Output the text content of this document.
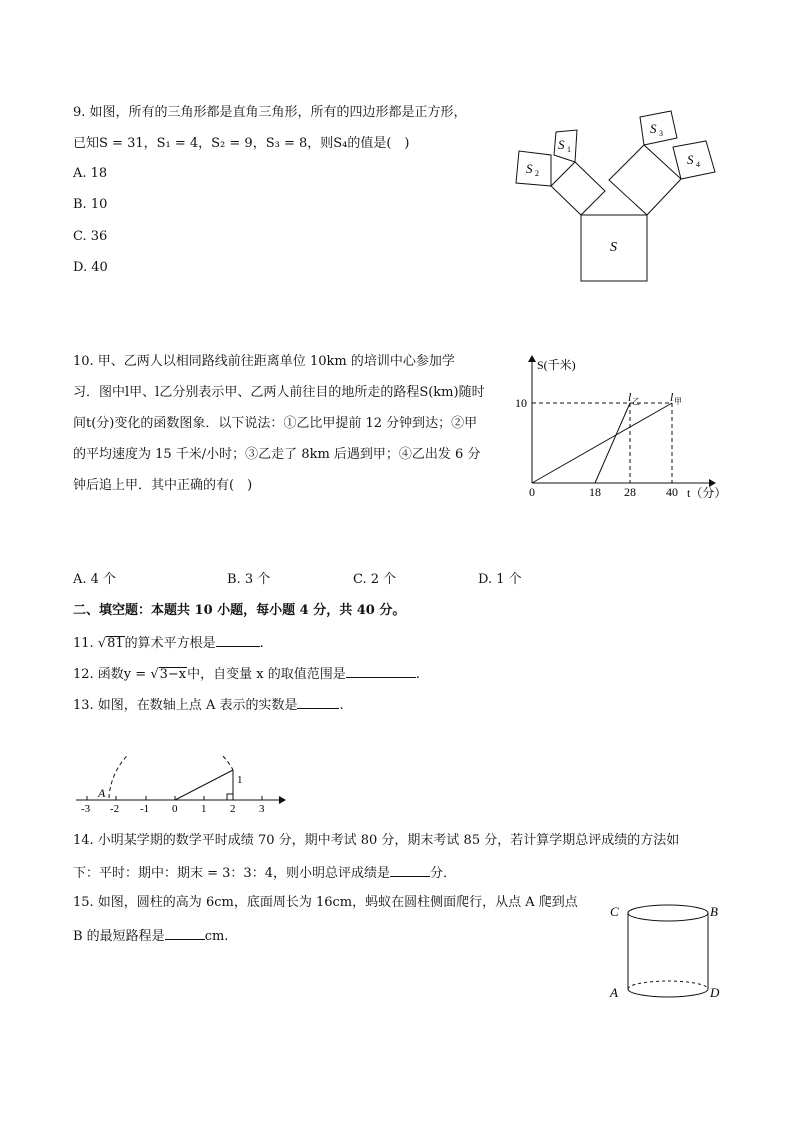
9. 如图，所有的三角形都是直角三角形，所有的四边形都是正方形，
已知S = 31，S₁ = 4，S₂ = 9，S₃ = 8，则S₄的值是(　)
A. 18
B. 10
C. 36
D. 40
S
S 1
S 2
S 3
S 4
10. 甲、乙两人以相同路线前往距离单位 10km 的培训中心参加学
习．图中l甲、l乙分别表示甲、乙两人前往目的地所走的路程S(km)随时
间t(分)变化的函数图象．以下说法：①乙比甲提前 12 分钟到达；②甲
的平均速度为 15 千米/小时；③乙走了 8km 后遇到甲；④乙出发 6 分
钟后追上甲．其中正确的有(　)
S(千米)
t（分）
l 甲
l 乙
0	18 28	40
10
A. 4 个	B. 3 个	C. 2 个	D. 1 个
二、填空题：本题共 10 小题，每小题 4 分，共 40 分。
11. √81的算术平方根是	.
12. 函数y = √3−x中，自变量 x 的取值范围是	.
13. 如图，在数轴上点 A 表示的实数是	.
A
1
-3 -2 -1 0 1 2 3
14. 小明某学期的数学平时成绩 70 分，期中考试 80 分，期末考试 85 分，若计算学期总评成绩的方法如
下：平时：期中：期末 = 3：3：4，则小明总评成绩是	分．
15. 如图，圆柱的高为 6cm，底面周长为 16cm，蚂蚁在圆柱侧面爬行，从点 A 爬到点
B 的最短路程是	cm.
C	B
A	D
